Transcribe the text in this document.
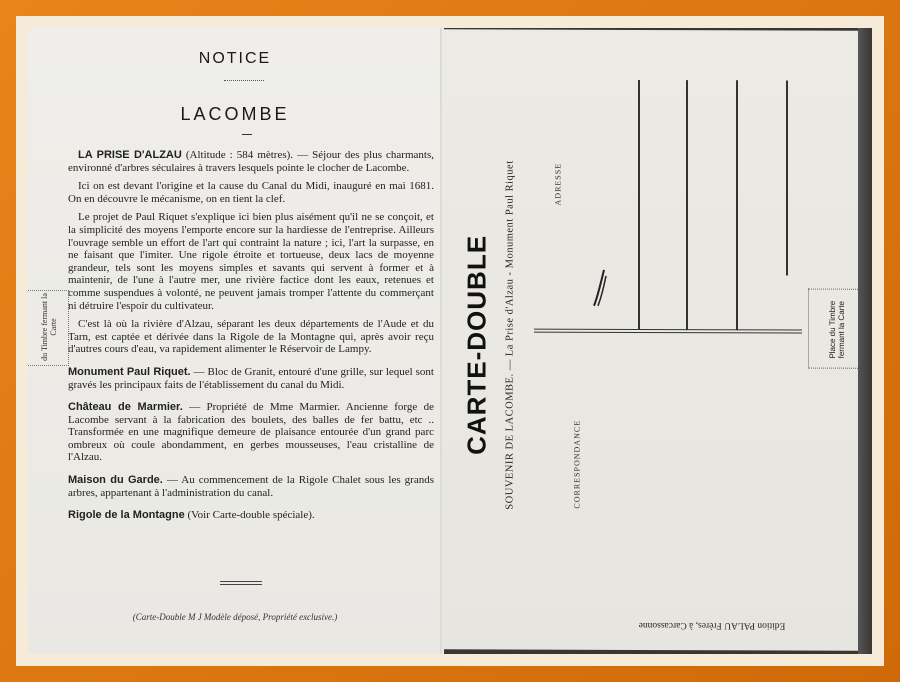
NOTICE
LACOMBE

LA PRISE D'ALZAU (Altitude : 584 mètres). — Séjour des plus charmants, environné d'arbres séculaires à travers lesquels pointe le clocher de Lacombe.

Ici on est devant l'origine et la cause du Canal du Midi, inauguré en mai 1681. On en découvre le mécanisme, on en tient la clef.

Le projet de Paul Riquet s'explique ici bien plus aisément qu'il ne se conçoit, et la simplicité des moyens l'emporte encore sur la hardiesse de l'entreprise. Ailleurs l'ouvrage semble un effort de l'art qui contraint la nature ; ici, l'art la surpasse, en ne faisant que l'imiter. Une rigole étroite et tortueuse, deux lacs de moyenne grandeur, tels sont les moyens simples et savants qui servent à former et à maintenir, de l'une à l'autre mer, une rivière factice dont les eaux, retenues et comme suspendues à volonté, ne peuvent jamais tromper l'attente du commerçant ni détruire l'espoir du cultivateur.

C'est là où la rivière d'Alzau, séparant les deux départements de l'Aude et du Tarn, est captée et dérivée dans la Rigole de la Montagne qui, après avoir reçu d'autres cours d'eau, va rapidement alimenter le Réservoir de Lampy.

Monument Paul Riquet. — Bloc de Granit, entouré d'une grille, sur lequel sont gravés les principaux faits de l'établissement du canal du Midi.

Château de Marmier. — Propriété de Mme Marmier. Ancienne forge de Lacombe servant à la fabrication des boulets, des balles de fer battu, etc .. Transformée en une magnifique demeure de plaisance entourée d'un grand parc ombreux où coule abondamment, en gerbes mousseuses, l'eau cristalline de l'Alzau.

Maison du Garde. — Au commencement de la Rigole Chalet sous les grands arbres, appartenant à l'administration du canal.

Rigole de la Montagne (Voir Carte-double spéciale).

(Carte-Double M J Modèle déposé, Propriété exclusive.)
du Timbre fermant la Carte	CARTE-DOUBLE SOUVENIR DE LACOMBE. — La Prise d'Alzau - Monument Paul Riquet	ADRESSE
CORRESPONDANCE
Place du Timbre fermant la Carte
Edition PALAU Frères, à Carcassonne
